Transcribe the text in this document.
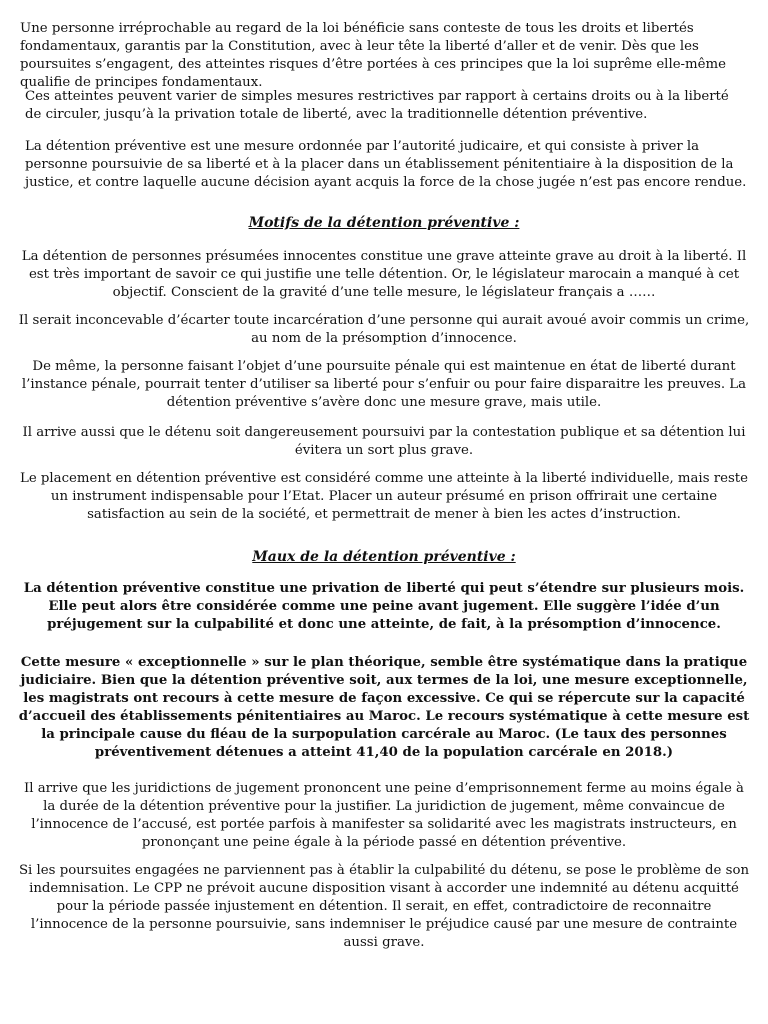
Une personne irréprochable au regard de la loi bénéficie sans conteste de tous les droits et libertés fondamentaux, garantis par la Constitution, avec à leur tête la liberté d’aller et de venir. Dès que les poursuites s’engagent, des atteintes risques d’être portées à ces principes que la loi suprême elle-même qualifie de principes fondamentaux.

Ces atteintes peuvent varier de simples mesures restrictives par rapport à certains droits ou à la liberté de circuler, jusqu’à la privation totale de liberté, avec la traditionnelle détention préventive.

La détention préventive est une mesure ordonnée par l’autorité judicaire, et qui consiste à priver la personne poursuivie de sa liberté et à la placer dans un établissement pénitentiaire à la disposition de la justice, et contre laquelle aucune décision ayant acquis la force de la chose jugée n’est pas encore rendue.

Motifs de la détention préventive :

La détention de personnes présumées innocentes constitue une grave atteinte grave au droit à la liberté. Il est très important de savoir ce qui justifie une telle détention. Or, le législateur marocain a manqué à cet objectif. Conscient de la gravité d’une telle mesure, le législateur français a ……

Il serait inconcevable d’écarter toute incarcération d’une personne qui aurait avoué avoir commis un crime, au nom de la présomption d’innocence.

De même, la personne faisant l’objet d’une poursuite pénale qui est maintenue en état de liberté durant l’instance pénale, pourrait tenter d’utiliser sa liberté pour s’enfuir ou pour faire disparaitre les preuves. La détention préventive s’avère donc une mesure grave, mais utile.

Il arrive aussi que le détenu soit dangereusement poursuivi par la contestation publique et sa détention lui évitera un sort plus grave.

Le placement en détention préventive est considéré comme une atteinte à la liberté individuelle, mais reste un instrument indispensable pour l’Etat. Placer un auteur présumé en prison offrirait une certaine satisfaction au sein de la société, et permettrait de mener à bien les actes d’instruction.

Maux de la détention préventive :

La détention préventive constitue une privation de liberté qui peut s’étendre sur plusieurs mois. Elle peut alors être considérée comme une peine avant jugement. Elle suggère l’idée d’un préjugement sur la culpabilité et donc une atteinte, de fait, à la présomption d’innocence.

Cette mesure « exceptionnelle » sur le plan théorique, semble être systématique dans la pratique judiciaire. Bien que la détention préventive soit, aux termes de la loi, une mesure exceptionnelle, les magistrats ont recours à cette mesure de façon excessive. Ce qui se répercute sur la capacité d’accueil des établissements pénitentiaires au Maroc. Le recours systématique à cette mesure est la principale cause du fléau de la surpopulation carcérale au Maroc. (Le taux des personnes préventivement détenues a atteint 41,40 de la population carcérale en 2018.)

Il arrive que les juridictions de jugement prononcent une peine d’emprisonnement ferme au moins égale à la durée de la détention préventive pour la justifier. La juridiction de jugement, même convaincue de l’innocence de l’accusé, est portée parfois à manifester sa solidarité avec les magistrats instructeurs, en prononçant une peine égale à la période passé en détention préventive.

Si les poursuites engagées ne parviennent pas à établir la culpabilité du détenu, se pose le problème de son indemnisation. Le CPP ne prévoit aucune disposition visant à accorder une indemnité au détenu acquitté pour la période passée injustement en détention. Il serait, en effet, contradictoire de reconnaitre l’innocence de la personne poursuivie, sans indemniser le préjudice causé par une mesure de contrainte aussi grave.
